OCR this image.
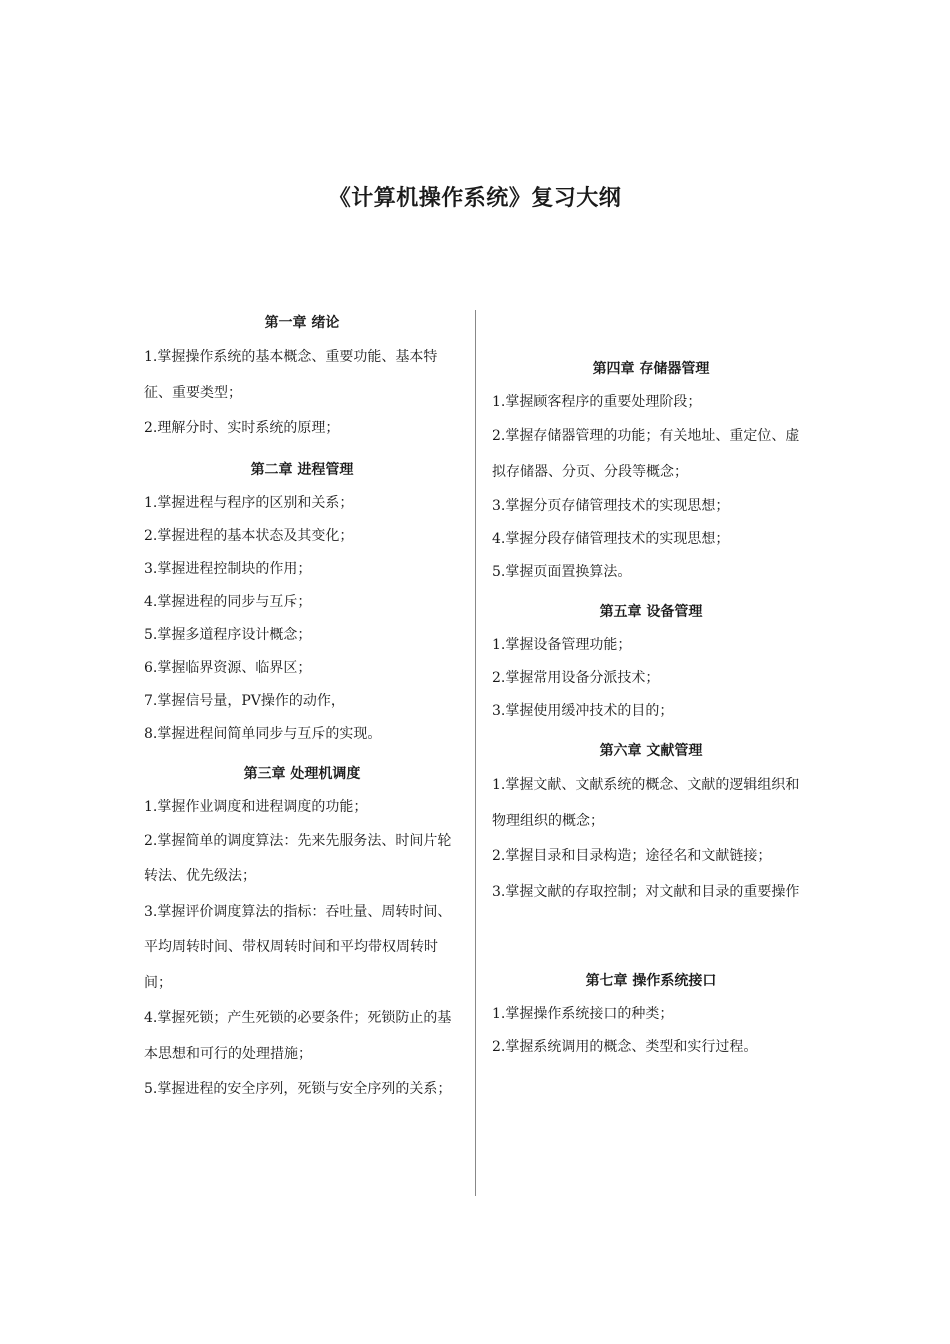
《计算机操作系统》复习大纲
第一章 绪论
1.掌握操作系统的基本概念、重要功能、基本特征、重要类型；
2.理解分时、实时系统的原理；
第二章 进程管理
1.掌握进程与程序的区别和关系；
2.掌握进程的基本状态及其变化；
3.掌握进程控制块的作用；
4.掌握进程的同步与互斥；
5.掌握多道程序设计概念；
6.掌握临界资源、临界区；
7.掌握信号量，PV操作的动作，
8.掌握进程间简单同步与互斥的实现。
第三章 处理机调度
1.掌握作业调度和进程调度的功能；
2.掌握简单的调度算法：先来先服务法、时间片轮转法、优先级法；
3.掌握评价调度算法的指标：吞吐量、周转时间、平均周转时间、带权周转时间和平均带权周转时间；
4.掌握死锁；产生死锁的必要条件；死锁防止的基本思想和可行的处理措施；
5.掌握进程的安全序列，死锁与安全序列的关系；
第四章 存储器管理
1.掌握顾客程序的重要处理阶段；
2.掌握存储器管理的功能；有关地址、重定位、虚拟存储器、分页、分段等概念；
3.掌握分页存储管理技术的实现思想；
4.掌握分段存储管理技术的实现思想；
5.掌握页面置换算法。
第五章 设备管理
1.掌握设备管理功能；
2.掌握常用设备分派技术；
3.掌握使用缓冲技术的目的；
第六章 文献管理
1.掌握文献、文献系统的概念、文献的逻辑组织和物理组织的概念；
2.掌握目录和目录构造；途径名和文献链接；
3.掌握文献的存取控制；对文献和目录的重要操作
第七章 操作系统接口
1.掌握操作系统接口的种类；
2.掌握系统调用的概念、类型和实行过程。
